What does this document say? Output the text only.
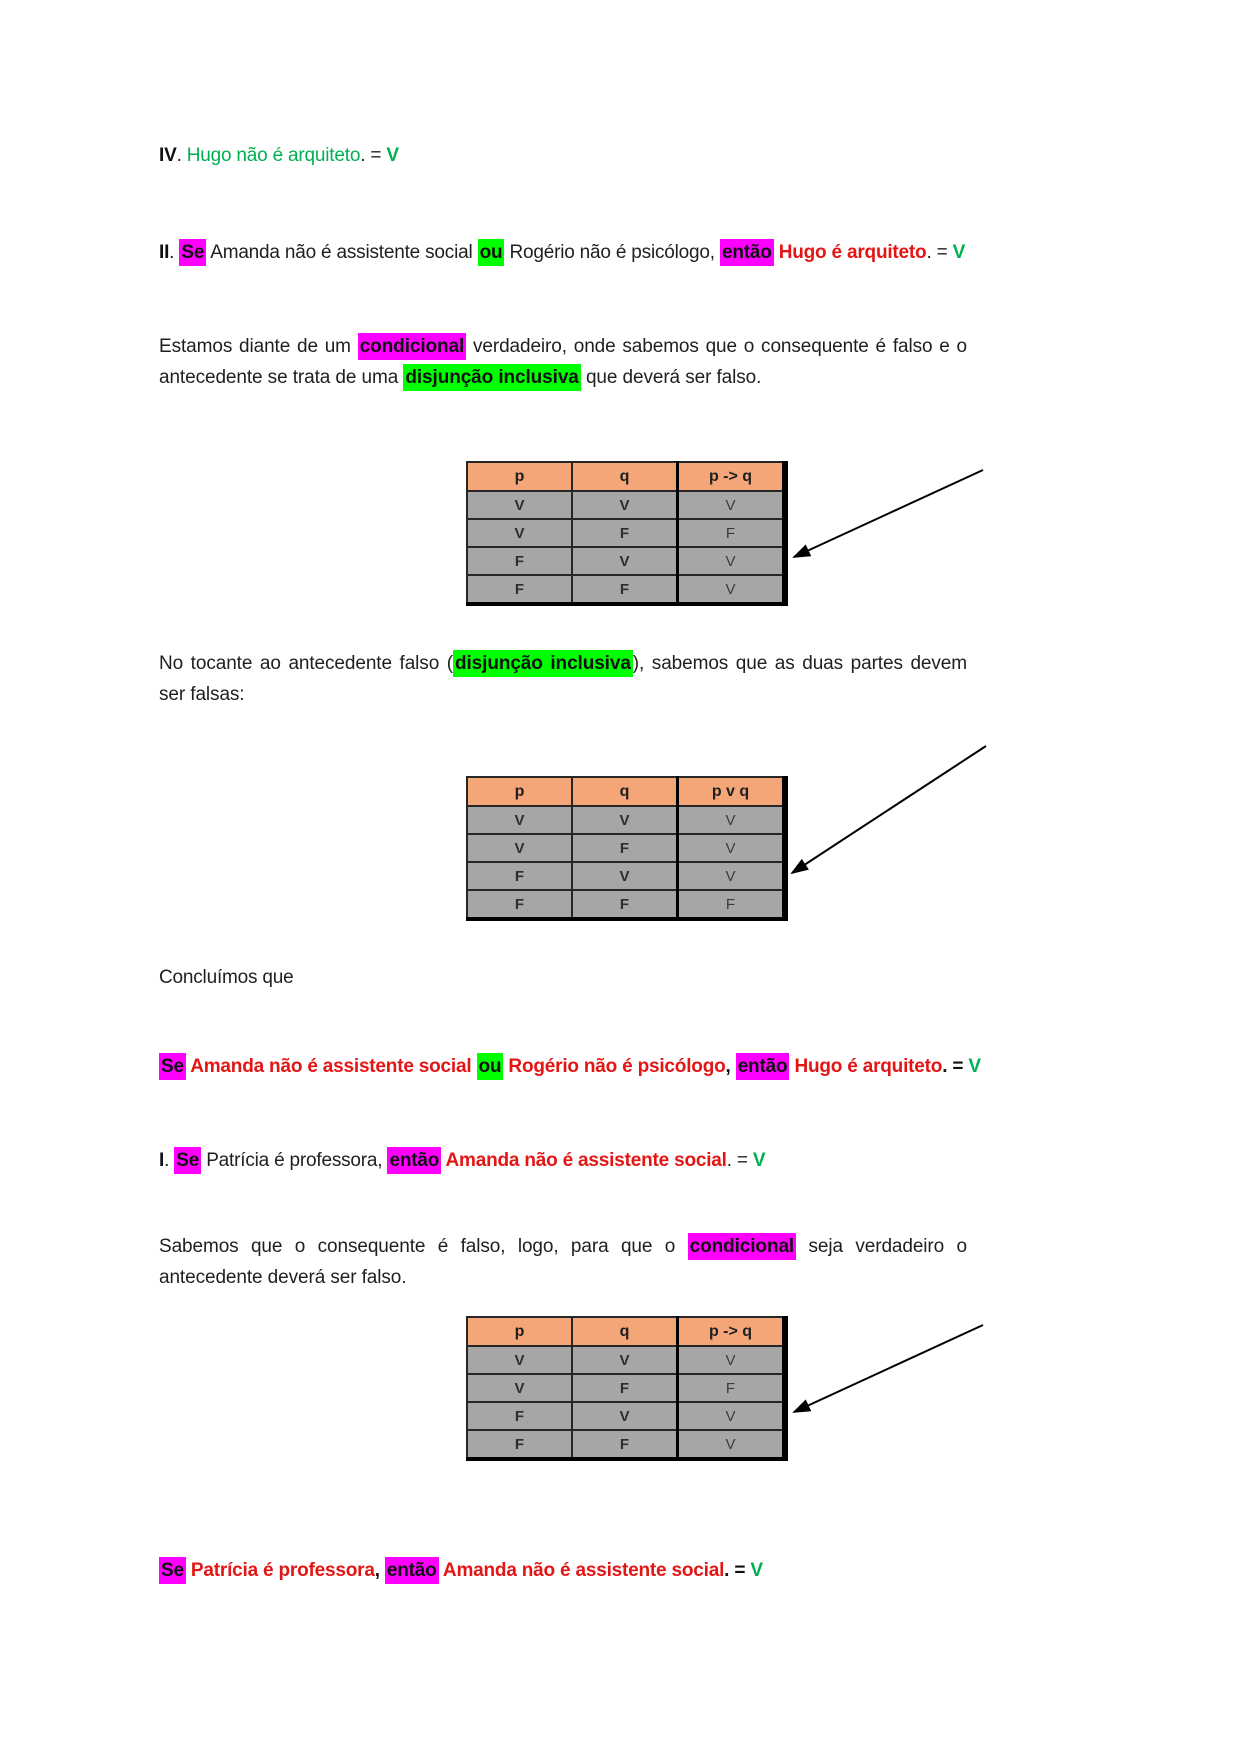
IV. Hugo não é arquiteto. = V
II. Se Amanda não é assistente social ou Rogério não é psicólogo, então Hugo é arquiteto. = V
Estamos diante de um condicional verdadeiro, onde sabemos que o consequente é falso e o antecedente se trata de uma disjunção inclusiva que deverá ser falso.
p	q	p -> q
V	V	V
V	F	F
F	V	V
F	F	V
No tocante ao antecedente falso ( disjunção inclusiva ), sabemos que as duas partes devem ser falsas:
p	q	p v q
V	V	V
V	F	V
F	V	V
F	F	F
Concluímos que
Se Amanda não é assistente social ou Rogério não é psicólogo, então Hugo é arquiteto. = V
I. Se Patrícia é professora, então Amanda não é assistente social. = V
Sabemos que o consequente é falso, logo, para que o condicional seja verdadeiro o antecedente deverá ser falso.
p	q	p -> q
V	V	V
V	F	F
F	V	V
F	F	V
Se Patrícia é professora, então Amanda não é assistente social. = V
